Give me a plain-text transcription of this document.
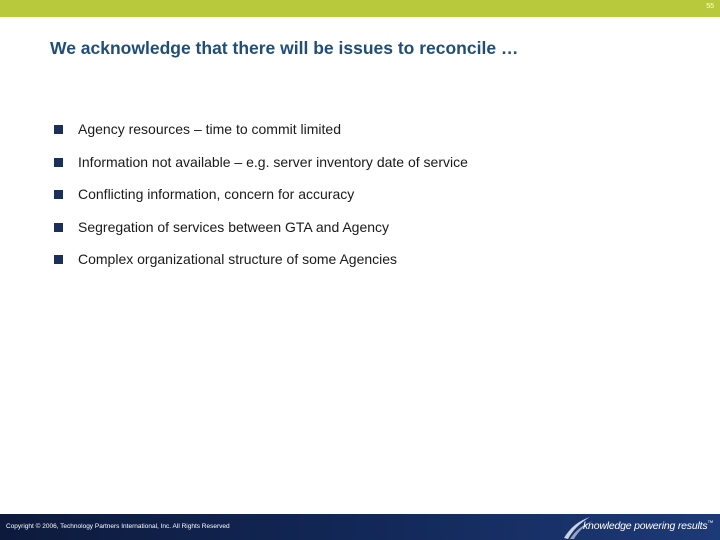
55
We acknowledge that there will be issues to reconcile …
Agency resources – time to commit limited
Information not available – e.g. server inventory date of service
Conflicting information, concern for accuracy
Segregation of services between GTA and Agency
Complex organizational structure of some Agencies
Copyright © 2006, Technology Partners International, Inc. All Rights Reserved	knowledge powering results™
